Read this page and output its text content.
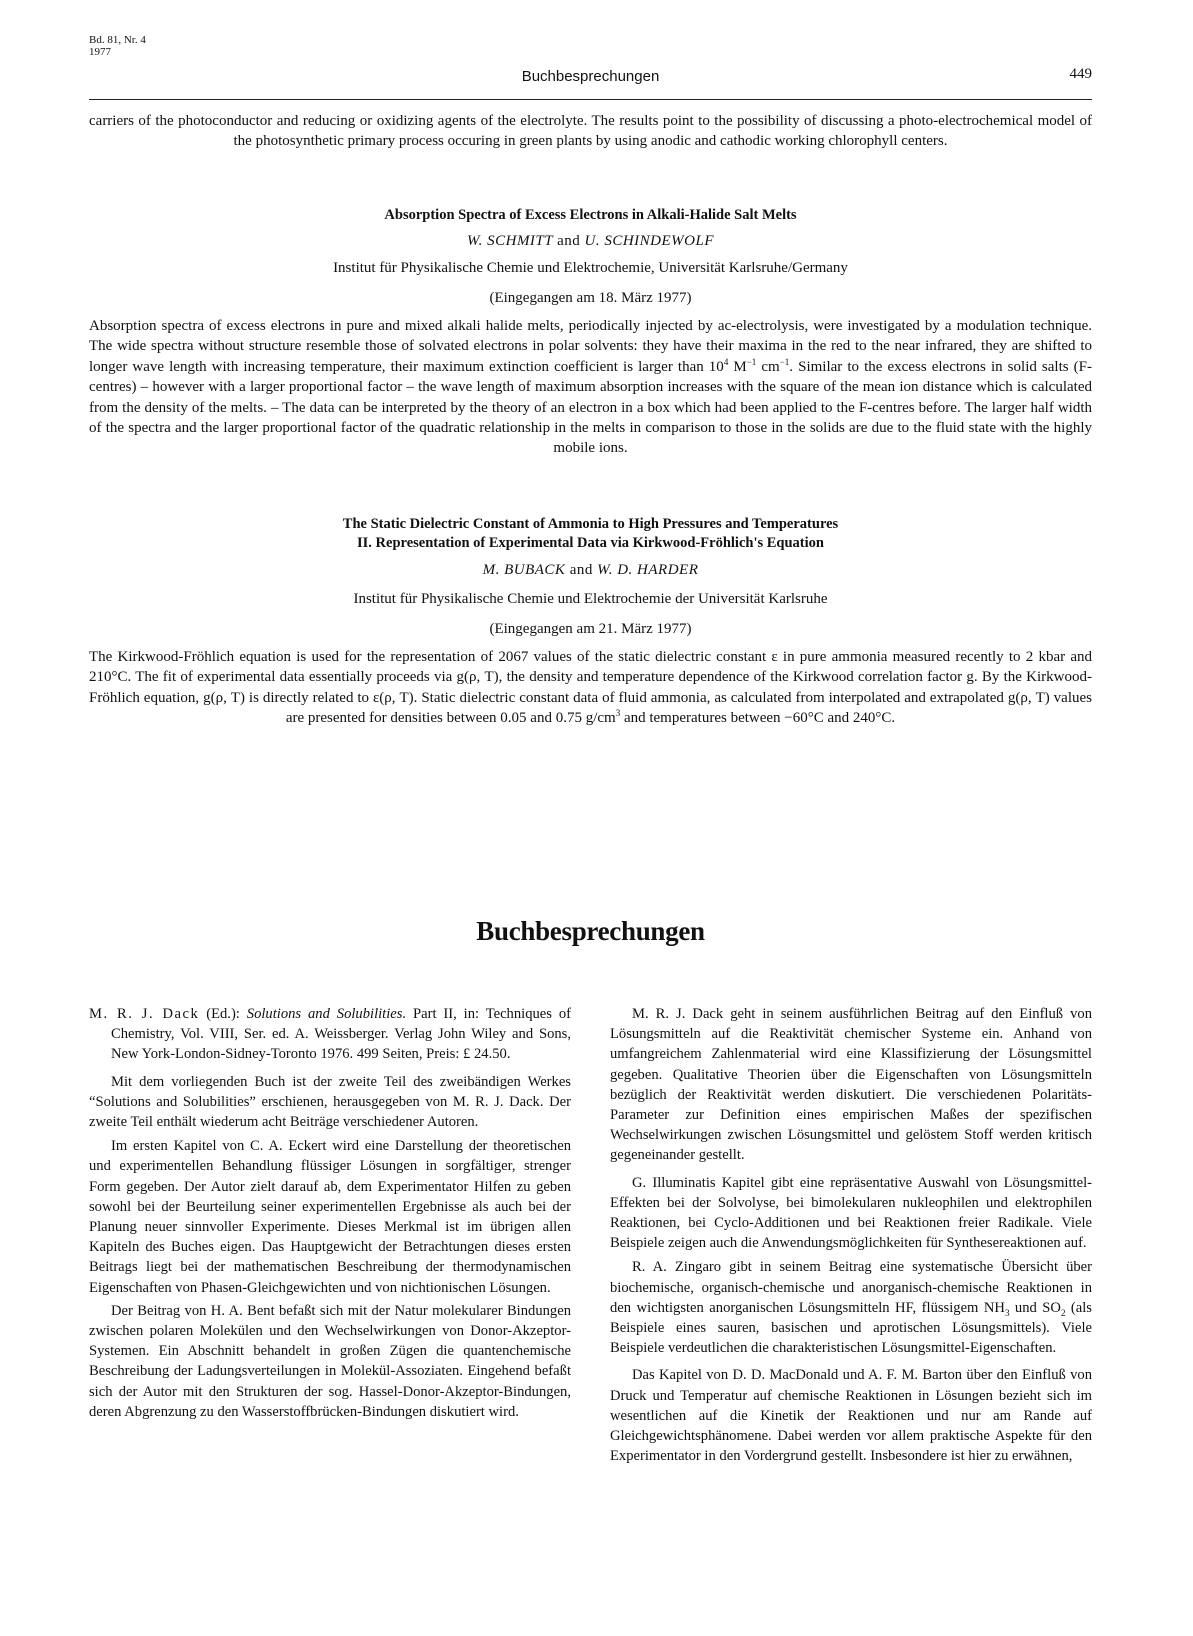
Bd. 81, Nr. 4
1977
Buchbesprechungen	449

carriers of the photoconductor and reducing or oxidizing agents of the electrolyte. The results point to the possibility of discussing a photo-electrochemical model of the photosynthetic primary process occuring in green plants by using anodic and cathodic working chlorophyll centers.

Absorption Spectra of Excess Electrons in Alkali-Halide Salt Melts

W. SCHMITT and U. SCHINDEWOLF

Institut für Physikalische Chemie und Elektrochemie, Universität Karlsruhe/Germany

(Eingegangen am 18. März 1977)

Absorption spectra of excess electrons in pure and mixed alkali halide melts, periodically injected by ac-electrolysis, were investigated by a modulation technique. The wide spectra without structure resemble those of solvated electrons in polar solvents: they have their maxima in the red to the near infrared, they are shifted to longer wave length with increasing temperature, their maximum extinction coefficient is larger than $10^4$ $M^{-1}$ $cm^{-1}$. Similar to the excess electrons in solid salts (F-centres) – however with a larger proportional factor – the wave length of maximum absorption increases with the square of the mean ion distance which is calculated from the density of the melts. – The data can be interpreted by the theory of an electron in a box which had been applied to the F-centres before. The larger half width of the spectra and the larger proportional factor of the quadratic relationship in the melts in comparison to those in the solids are due to the fluid state with the highly mobile ions.

The Static Dielectric Constant of Ammonia to High Pressures and Temperatures

II. Representation of Experimental Data via Kirkwood-Fröhlich's Equation

M. BUBACK and W. D. HARDER

Institut für Physikalische Chemie und Elektrochemie der Universität Karlsruhe

(Eingegangen am 21. März 1977)

The Kirkwood-Fröhlich equation is used for the representation of 2067 values of the static dielectric constant ε in pure ammonia measured recently to 2 kbar and 210°C. The fit of experimental data essentially proceeds via g(ρ, T), the density and temperature dependence of the Kirkwood correlation factor g. By the Kirkwood-Fröhlich equation, g(ρ, T) is directly related to ε(ρ, T). Static dielectric constant data of fluid ammonia, as calculated from interpolated and extrapolated g(ρ, T) values are presented for densities between 0.05 and 0.75 $g/cm^3$ and temperatures between −60°C and 240°C.

Buchbesprechungen

M. R. J. Dack (Ed.): Solutions and Solubilities. Part II, in: Techniques of Chemistry, Vol. VIII, Ser. ed. A. Weissberger. Verlag John Wiley and Sons, New York-London-Sidney-Toronto 1976. 499 Seiten, Preis: £ 24.50.

Mit dem vorliegenden Buch ist der zweite Teil des zweibändigen Werkes “Solutions and Solubilities” erschienen, herausgegeben von M. R. J. Dack. Der zweite Teil enthält wiederum acht Beiträge verschiedener Autoren.

Im ersten Kapitel von C. A. Eckert wird eine Darstellung der theoretischen und experimentellen Behandlung flüssiger Lösungen in sorgfältiger, strenger Form gegeben. Der Autor zielt darauf ab, dem Experimentator Hilfen zu geben sowohl bei der Beurteilung seiner experimentellen Ergebnisse als auch bei der Planung neuer sinnvoller Experimente. Dieses Merkmal ist im übrigen allen Kapiteln des Buches eigen. Das Hauptgewicht der Betrachtungen dieses ersten Beitrags liegt bei der mathematischen Beschreibung der thermodynamischen Eigenschaften von Phasen-Gleichgewichten und von nichtionischen Lösungen.

Der Beitrag von H. A. Bent befaßt sich mit der Natur molekularer Bindungen zwischen polaren Molekülen und den Wechselwirkungen von Donor-Akzeptor-Systemen. Ein Abschnitt behandelt in großen Zügen die quantenchemische Beschreibung der Ladungsverteilungen in Molekül-Assoziaten. Eingehend befaßt sich der Autor mit den Strukturen der sog. Hassel-Donor-Akzeptor-Bindungen, deren Abgrenzung zu den Wasserstoffbrücken-Bindungen diskutiert wird.

M. R. J. Dack geht in seinem ausführlichen Beitrag auf den Einfluß von Lösungsmitteln auf die Reaktivität chemischer Systeme ein. Anhand von umfangreichem Zahlenmaterial wird eine Klassifizierung der Lösungsmittel gegeben. Qualitative Theorien über die Eigenschaften von Lösungsmitteln bezüglich der Reaktivität werden diskutiert. Die verschiedenen Polaritäts-Parameter zur Definition eines empirischen Maßes der spezifischen Wechselwirkungen zwischen Lösungsmittel und gelöstem Stoff werden kritisch gegeneinander gestellt.

G. Illuminatis Kapitel gibt eine repräsentative Auswahl von Lösungsmittel-Effekten bei der Solvolyse, bei bimolekularen nukleophilen und elektrophilen Reaktionen, bei Cyclo-Additionen und bei Reaktionen freier Radikale. Viele Beispiele zeigen auch die Anwendungsmöglichkeiten für Synthesereaktionen auf.

R. A. Zingaro gibt in seinem Beitrag eine systematische Übersicht über biochemische, organisch-chemische und anorganisch-chemische Reaktionen in den wichtigsten anorganischen Lösungsmitteln HF, flüssigem $NH_3$ und $SO_2$ (als Beispiele eines sauren, basischen und aprotischen Lösungsmittels). Viele Beispiele verdeutlichen die charakteristischen Lösungsmittel-Eigenschaften.

Das Kapitel von D. D. MacDonald und A. F. M. Barton über den Einfluß von Druck und Temperatur auf chemische Reaktionen in Lösungen bezieht sich im wesentlichen auf die Kinetik der Reaktionen und nur am Rande auf Gleichgewichtsphänomene. Dabei werden vor allem praktische Aspekte für den Experimentator in den Vordergrund gestellt. Insbesondere ist hier zu erwähnen,
